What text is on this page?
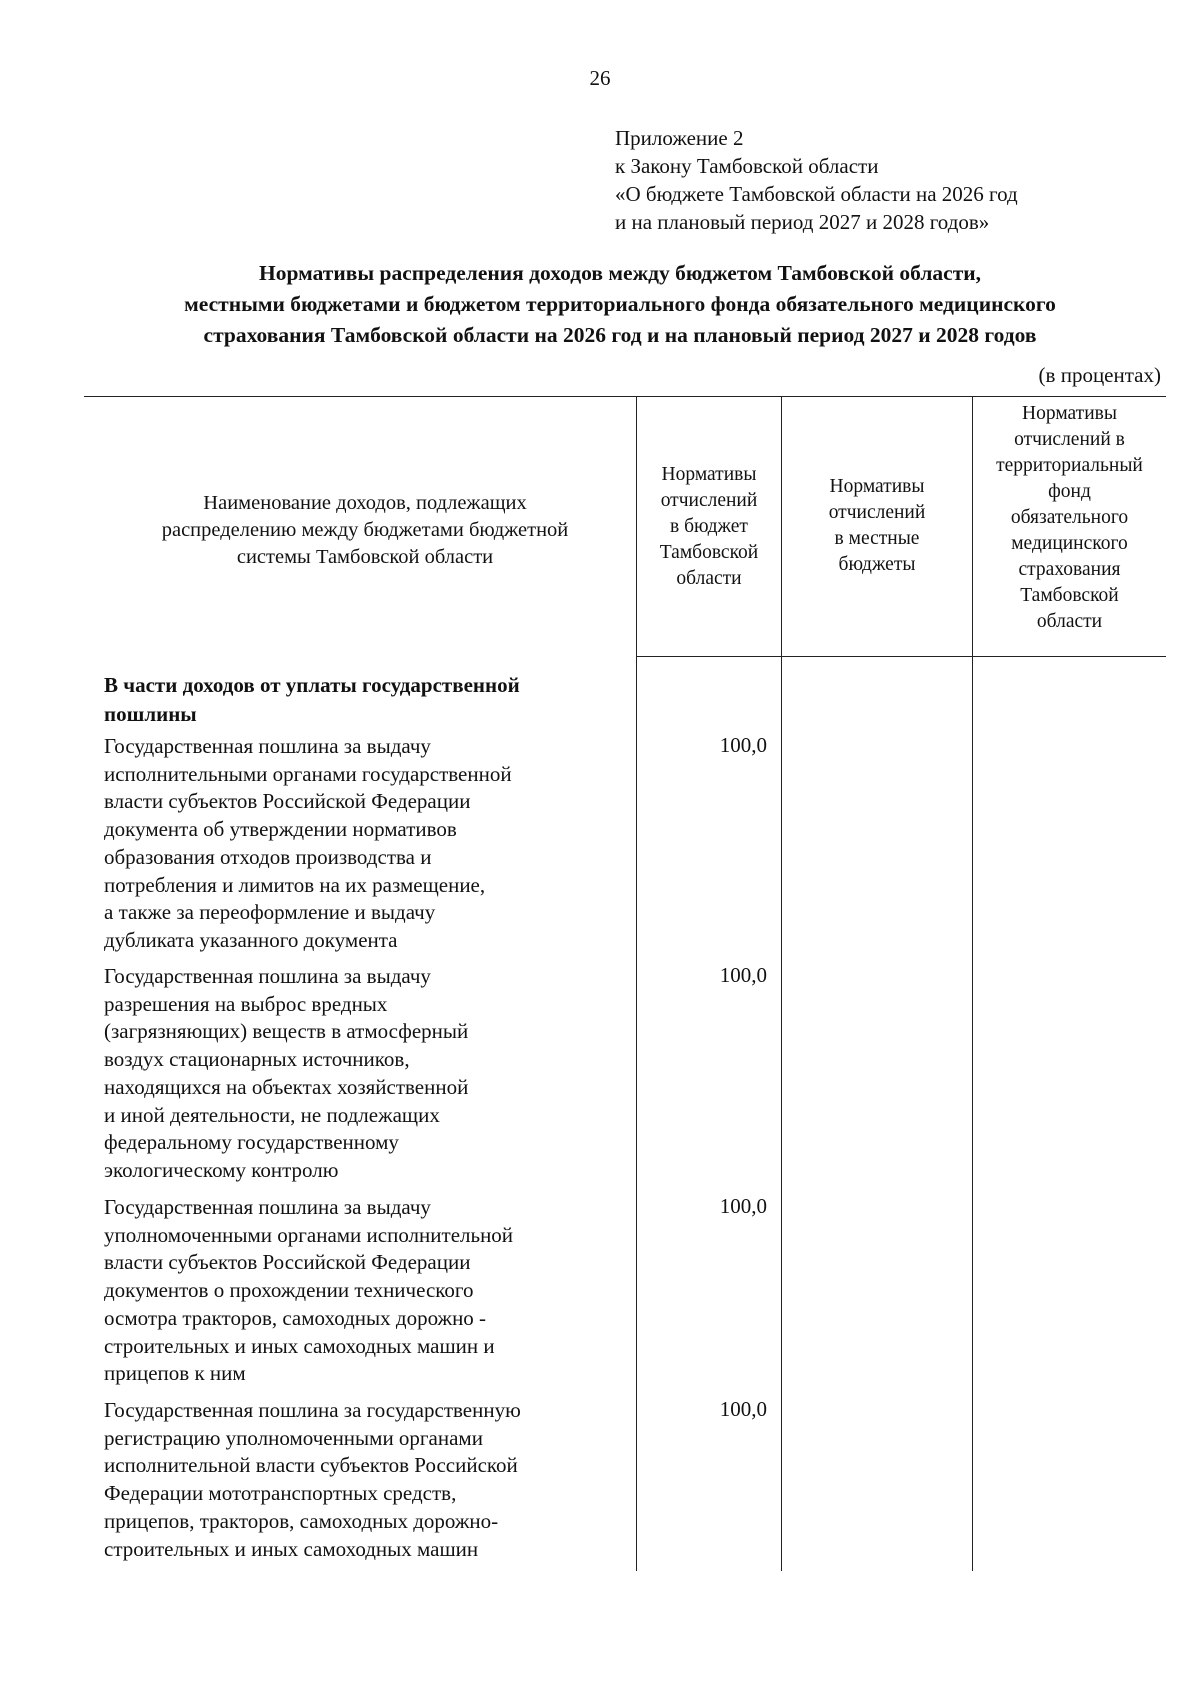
26
Приложение 2
к Закону Тамбовской области
«О бюджете Тамбовской области на 2026 год
и на плановый период 2027 и 2028 годов»
Нормативы распределения доходов между бюджетом Тамбовской области,
местными бюджетами и бюджетом территориального фонда обязательного медицинского
страхования Тамбовской области на 2026 год и на плановый период 2027 и 2028 годов
(в процентах)
Наименование доходов, подлежащих
распределению между бюджетами бюджетной
системы Тамбовской области
Нормативы
отчислений
в бюджет
Тамбовской
области
Нормативы
отчислений
в местные
бюджеты
Нормативы
отчислений в
территориальный
фонд
обязательного
медицинского
страхования
Тамбовской
области
В части доходов от уплаты государственной
пошлины
Государственная пошлина за выдачу
исполнительными органами государственной
власти субъектов Российской Федерации
документа об утверждении нормативов
образования отходов производства и
потребления и лимитов на их размещение,
а также за переоформление и выдачу
дубликата указанного документа
100,0
Государственная пошлина за выдачу
разрешения на выброс вредных
(загрязняющих) веществ в атмосферный
воздух стационарных источников,
находящихся на объектах хозяйственной
и иной деятельности, не подлежащих
федеральному государственному
экологическому контролю
100,0
Государственная пошлина за выдачу
уполномоченными органами исполнительной
власти субъектов Российской Федерации
документов о прохождении технического
осмотра тракторов, самоходных дорожно -
строительных и иных самоходных машин и
прицепов к ним
100,0
Государственная пошлина за государственную
регистрацию уполномоченными органами
исполнительной власти субъектов Российской
Федерации мототранспортных средств,
прицепов, тракторов, самоходных дорожно-
строительных и иных самоходных машин
100,0
